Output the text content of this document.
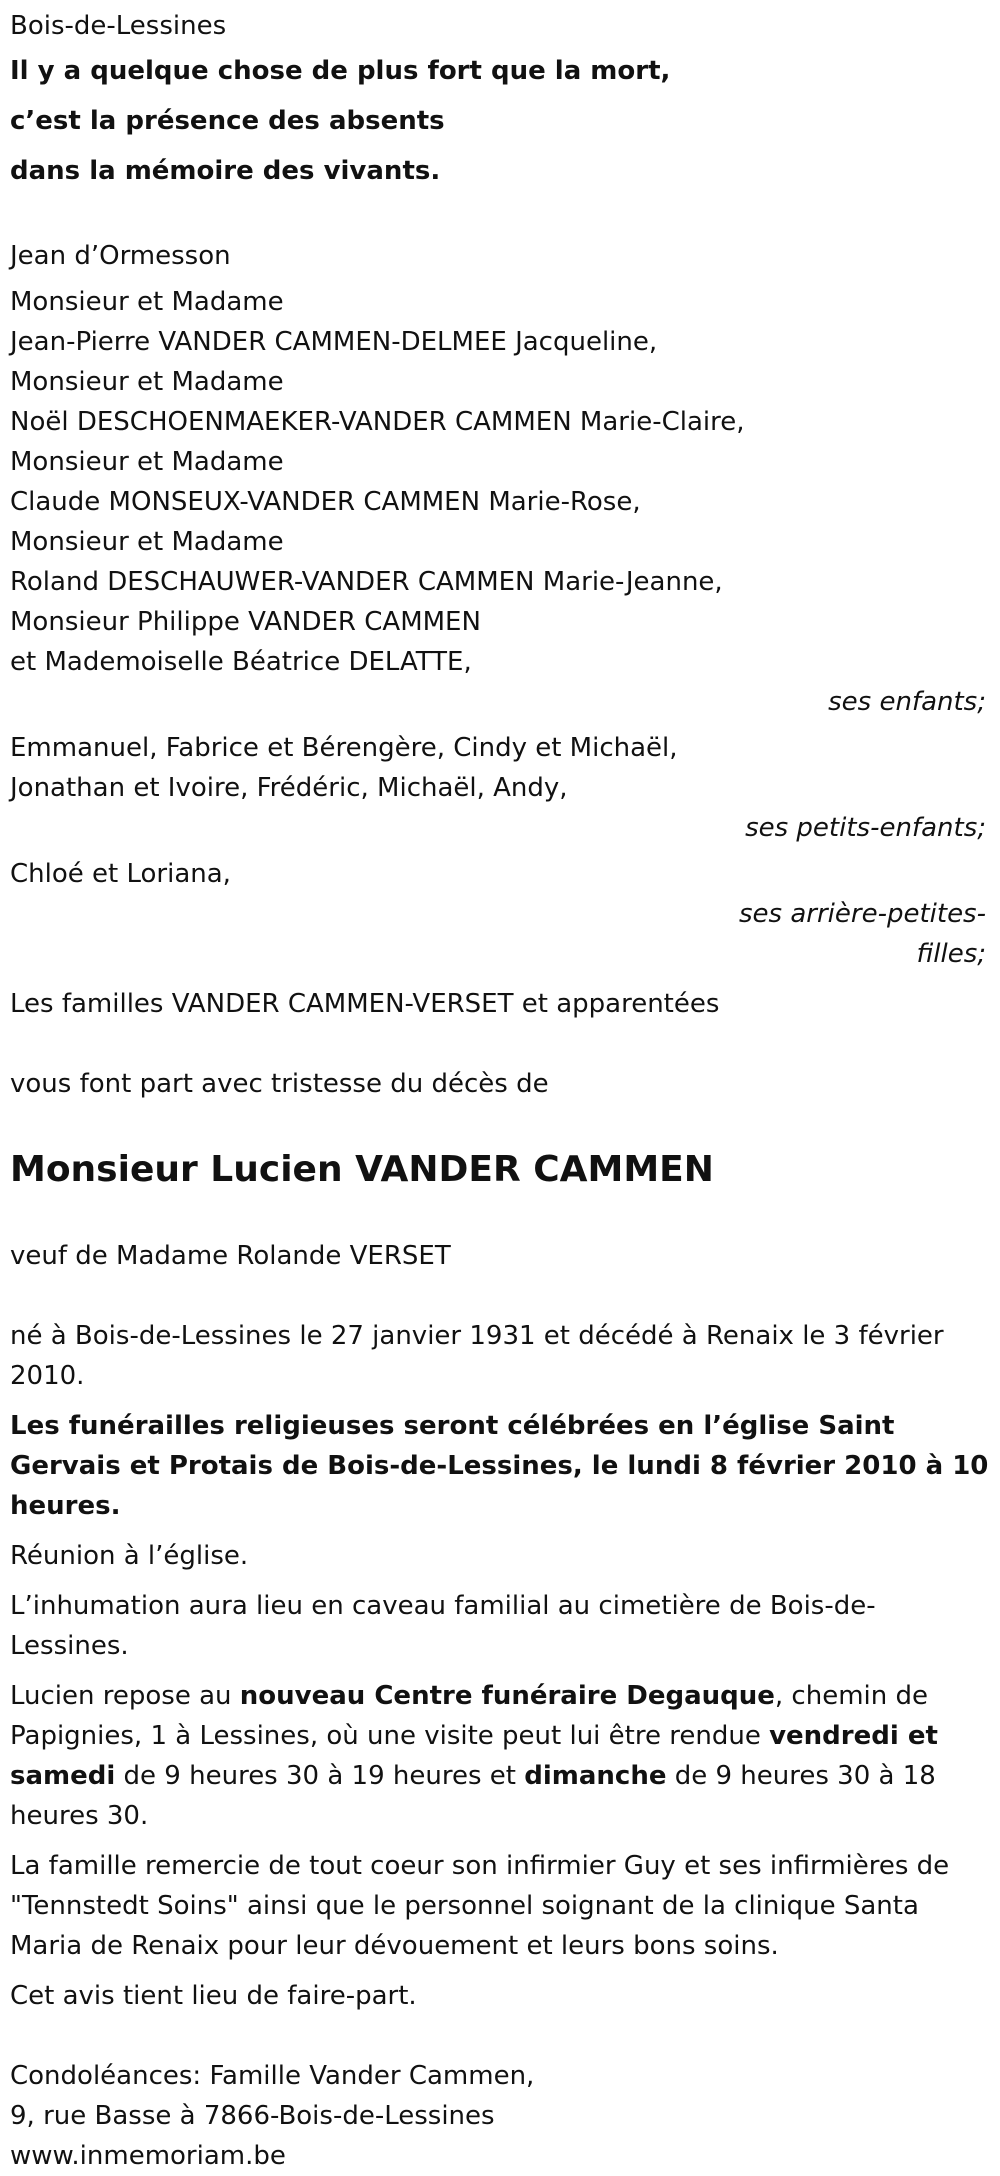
Bois-de-Lessines

Il y a quelque chose de plus fort que la mort,

c’est la présence des absents

dans la mémoire des vivants.

Jean d’Ormesson

Monsieur et Madame

Jean-Pierre VANDER CAMMEN-DELMEE Jacqueline,

Monsieur et Madame

Noël DESCHOENMAEKER-VANDER CAMMEN Marie-Claire,

Monsieur et Madame

Claude MONSEUX-VANDER CAMMEN Marie-Rose,

Monsieur et Madame

Roland DESCHAUWER-VANDER CAMMEN Marie-Jeanne,

Monsieur Philippe VANDER CAMMEN

et Mademoiselle Béatrice DELATTE,

ses enfants;

Emmanuel, Fabrice et Bérengère, Cindy et Michaël,

Jonathan et Ivoire, Frédéric, Michaël, Andy,

ses petits-enfants;

Chloé et Loriana,

ses arrière-petites-

filles;

Les familles VANDER CAMMEN-VERSET et apparentées

vous font part avec tristesse du décès de

Monsieur Lucien VANDER CAMMEN

veuf de Madame Rolande VERSET

né à Bois-de-Lessines le 27 janvier 1931 et décédé à Renaix le 3 février 2010.

Les funérailles religieuses seront célébrées en l’église Saint Gervais et Protais de Bois-de-Lessines, le lundi 8 février 2010 à 10 heures.

Réunion à l’église.

L’inhumation aura lieu en caveau familial au cimetière de Bois-de-Lessines.

Lucien repose au nouveau Centre funéraire Degauque, chemin de Papignies, 1 à Lessines, où une visite peut lui être rendue vendredi et samedi de 9 heures 30 à 19 heures et dimanche de 9 heures 30 à 18 heures 30.

La famille remercie de tout coeur son infirmier Guy et ses infirmières de "Tennstedt Soins" ainsi que le personnel soignant de la clinique Santa Maria de Renaix pour leur dévouement et leurs bons soins.

Cet avis tient lieu de faire-part.

Condoléances: Famille Vander Cammen,

9, rue Basse à 7866-Bois-de-Lessines

www.inmemoriam.be
